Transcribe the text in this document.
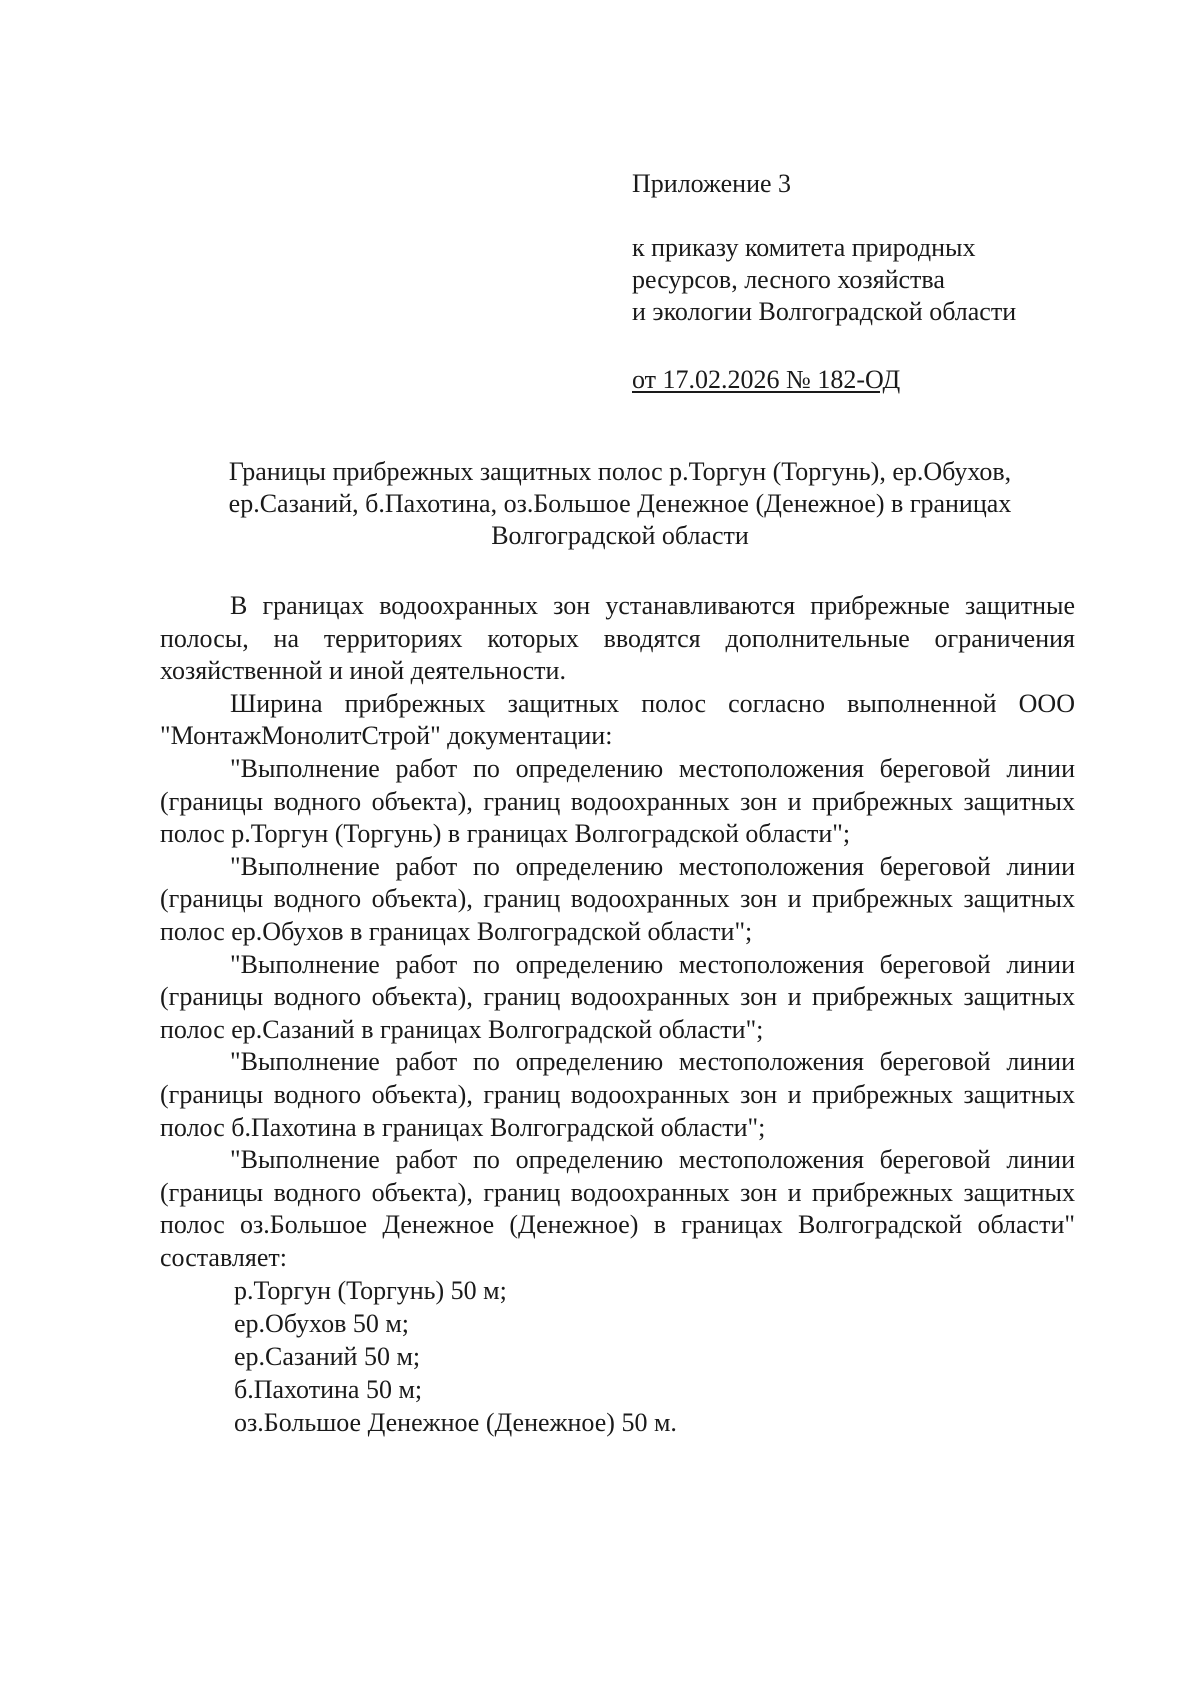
Приложение 3
к приказу комитета природных
ресурсов, лесного хозяйства
и экологии Волгоградской области
от 17.02.2026 № 182-ОД
Границы прибрежных защитных полос р.Торгун (Торгунь), ер.Обухов,
ер.Сазаний, б.Пахотина, оз.Большое Денежное (Денежное) в границах
Волгоградской области

В границах водоохранных зон устанавливаются прибрежные защитные полосы, на территориях которых вводятся дополнительные ограничения хозяйственной и иной деятельности.

Ширина прибрежных защитных полос согласно выполненной ООО "МонтажМонолитСтрой" документации:

"Выполнение работ по определению местоположения береговой линии (границы водного объекта), границ водоохранных зон и прибрежных защитных полос р.Торгун (Торгунь) в границах Волгоградской области";

"Выполнение работ по определению местоположения береговой линии (границы водного объекта), границ водоохранных зон и прибрежных защитных полос ер.Обухов в границах Волгоградской области";

"Выполнение работ по определению местоположения береговой линии (границы водного объекта), границ водоохранных зон и прибрежных защитных полос ер.Сазаний в границах Волгоградской области";

"Выполнение работ по определению местоположения береговой линии (границы водного объекта), границ водоохранных зон и прибрежных защитных полос б.Пахотина в границах Волгоградской области";

"Выполнение работ по определению местоположения береговой линии (границы водного объекта), границ водоохранных зон и прибрежных защитных полос оз.Большое Денежное (Денежное) в границах Волгоградской области" составляет:

р.Торгун (Торгунь) 50 м;
ер.Обухов 50 м;
ер.Сазаний 50 м;
б.Пахотина 50 м;
оз.Большое Денежное (Денежное) 50 м.
